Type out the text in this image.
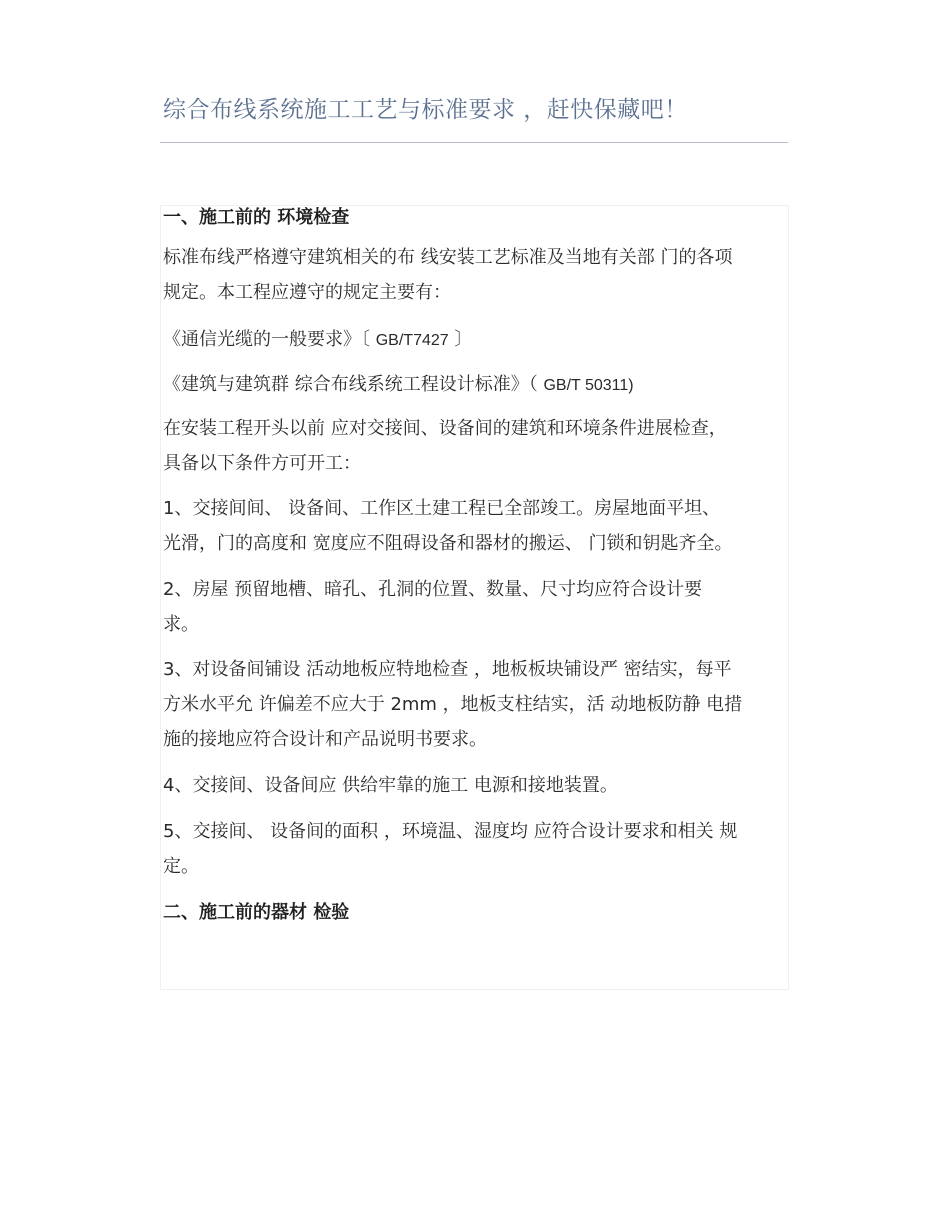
综合布线系统施工工艺与标准要求 ，赶快保藏吧！
一、施工前的 环境检查
标准布线严格遵守建筑相关的布 线安装工艺标准及当地有关部 门的各项
规定。本工程应遵守的规定主要有：
《通信光缆的一般要求》〔 GB/T7427 〕
《建筑与建筑群 综合布线系统工程设计标准》（ GB/T 50311)
在安装工程开头以前 应对交接间、设备间的建筑和环境条件进展检查，
具备以下条件方可开工：
1、交接间间、 设备间、工作区土建工程已全部竣工。房屋地面平坦、
光滑，门的高度和 宽度应不阻碍设备和器材的搬运、 门锁和钥匙齐全。
2、房屋 预留地槽、暗孔、孔洞的位置、数量、尺寸均应符合设计要
求。
3、对设备间铺设 活动地板应特地检查 ，地板板块铺设严 密结实，每平
方米水平允 许偏差不应大于 2mm ，地板支柱结实，活 动地板防静 电措
施的接地应符合设计和产品说明书要求。
4、交接间、设备间应 供给牢靠的施工 电源和接地装置。
5、交接间、 设备间的面积 ，环境温、湿度均 应符合设计要求和相关 规
定。
二、施工前的器材 检验
